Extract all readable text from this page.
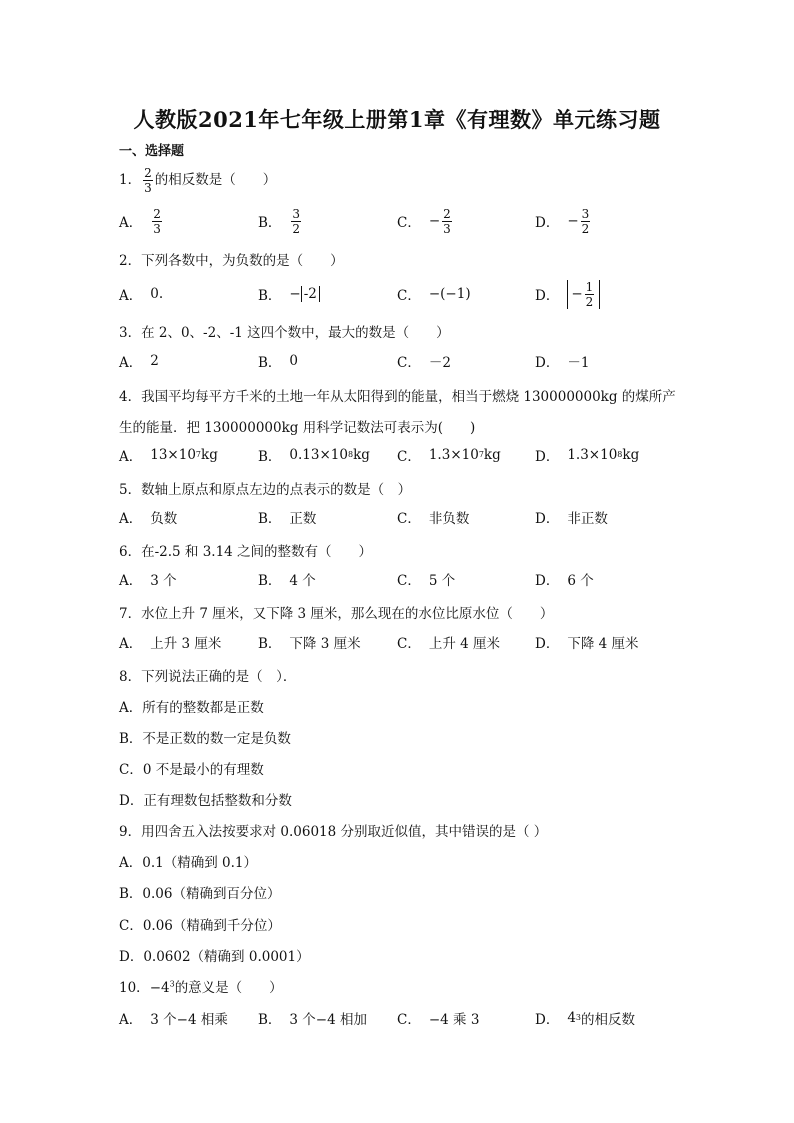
人教版2021年七年级上册第1章《有理数》单元练习题
一、选择题
1． $\frac{2}{3}$ 的相反数是（　　）
A． $\frac{2}{3}$	B． $\frac{3}{2}$	C． − $\frac{2}{3}$	D． − $\frac{3}{2}$
2．下列各数中，为负数的是（　　）
A． 0.	B． − -2	C． −(−1)	D． − $\frac{1}{2}$
3．在 2、0、-2、-1 这四个数中，最大的数是（　　）
A． 2	B． 0	C． －2	D． －1
4．我国平均每平方千米的土地一年从太阳得到的能量，相当于燃烧 130000000kg 的煤所产
生的能量．把 130000000kg 用科学记数法可表示为(　　)
A． 13×10 7 kg	B． 0.13×10 8 kg C． 1.3×10 7 kg	D． 1.3×10 8 kg
5．数轴上原点和原点左边的点表示的数是（　）
A． 负数	B． 正数	C． 非负数	D． 非正数
6．在-2.5 和 3.14 之间的整数有（　　）
A． 3 个	B． 4 个	C． 5 个	D． 6 个
7．水位上升 7 厘米，又下降 3 厘米，那么现在的水位比原水位（　　）
A． 上升 3 厘米	B． 下降 3 厘米	C． 上升 4 厘米	D． 下降 4 厘米
8．下列说法正确的是（　）．
A．所有的整数都是正数
B．不是正数的数一定是负数
C．0 不是最小的有理数
D．正有理数包括整数和分数
9．用四舍五入法按要求对 0.06018 分别取近似值，其中错误的是（ ）
A．0.1（精确到 0.1）
B．0.06（精确到百分位）
C．0.06（精确到千分位）
D．0.0602（精确到 0.0001）
10．$-4^3$的意义是（　　）
A． 3 个−4 相乘 B． 3 个−4 相加 C． −4 乘 3	D． 4 3 的相反数
